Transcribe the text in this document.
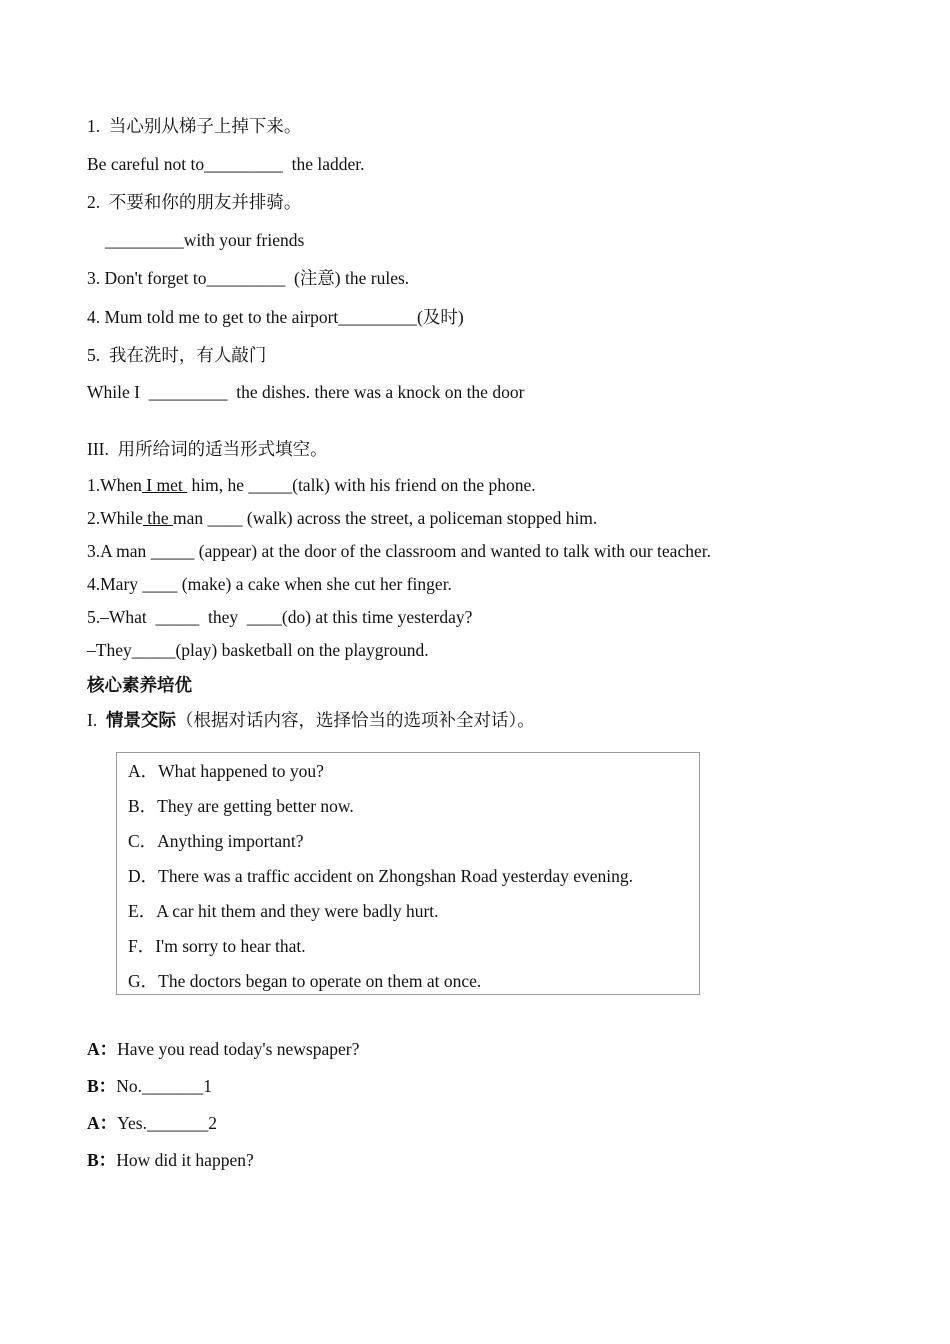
1.  当心别从梯子上掉下来。
Be careful not to_________  the ladder.
2.  不要和你的朋友并排骑。
_________with your friends
3. Don't forget to_________  (注意) the rules.
4. Mum told me to get to the airport_________(及时)
5.  我在洗时，有人敲门
While I  _________  the dishes. there was a knock on the door
III.  用所给词的适当形式填空。
1.When I met  him, he _____(talk) with his friend on the phone.
2.While the man ____ (walk) across the street, a policeman stopped him.
3.A man _____ (appear) at the door of the classroom and wanted to talk with our teacher.
4.Mary ____ (make) a cake when she cut her finger.
5.–What  _____  they  ____(do) at this time yesterday?
–They_____(play) basketball on the playground.
核心素养培优
I.  情景交际（根据对话内容，选择恰当的选项补全对话）。
A．What happened to you?
B．They are getting better now.
C．Anything important?
D．There was a traffic accident on Zhongshan Road yesterday evening.
E．A car hit them and they were badly hurt.
F．I'm sorry to hear that.
G．The doctors began to operate on them at once.
A：Have you read today's newspaper?
B：No._______1
A：Yes._______2
B：How did it happen?
